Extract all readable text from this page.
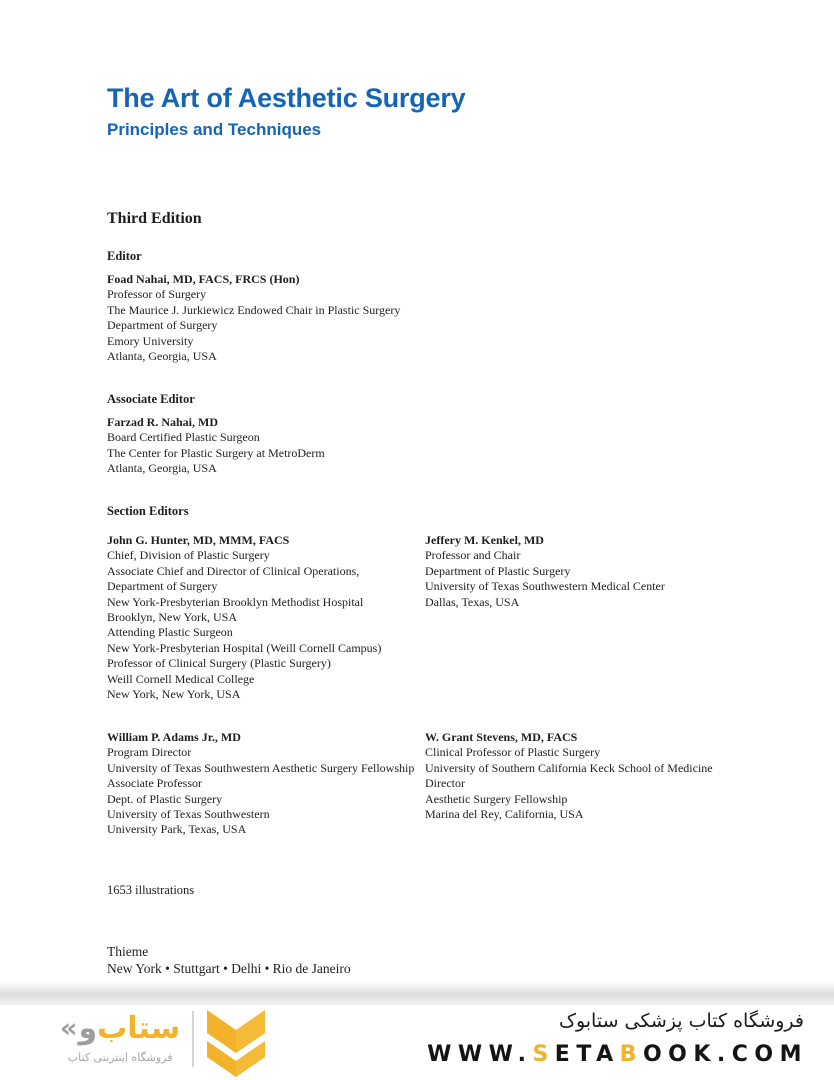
The Art of Aesthetic Surgery
Principles and Techniques
Third Edition
Editor
Foad Nahai, MD, FACS, FRCS (Hon)
Professor of Surgery
The Maurice J. Jurkiewicz Endowed Chair in Plastic Surgery
Department of Surgery
Emory University
Atlanta, Georgia, USA
Associate Editor
Farzad R. Nahai, MD
Board Certified Plastic Surgeon
The Center for Plastic Surgery at MetroDerm
Atlanta, Georgia, USA
Section Editors
John G. Hunter, MD, MMM, FACS
Chief, Division of Plastic Surgery
Associate Chief and Director of Clinical Operations,
Department of Surgery
New York-Presbyterian Brooklyn Methodist Hospital
Brooklyn, New York, USA
Attending Plastic Surgeon
New York-Presbyterian Hospital (Weill Cornell Campus)
Professor of Clinical Surgery (Plastic Surgery)
Weill Cornell Medical College
New York, New York, USA
Jeffery M. Kenkel, MD
Professor and Chair
Department of Plastic Surgery
University of Texas Southwestern Medical Center
Dallas, Texas, USA
William P. Adams Jr., MD
Program Director
University of Texas Southwestern Aesthetic Surgery Fellowship
Associate Professor
Dept. of Plastic Surgery
University of Texas Southwestern
University Park, Texas, USA
W. Grant Stevens, MD, FACS
Clinical Professor of Plastic Surgery
University of Southern California Keck School of Medicine
Director
Aesthetic Surgery Fellowship
Marina del Rey, California, USA
1653 illustrations
Thieme
New York • Stuttgart • Delhi • Rio de Janeiro
« و ستاب
فروشگاه اینترنتی کتاب
فروشگاه کتاب پزشکی ستابوک
WWW.SETABOOK.COM
